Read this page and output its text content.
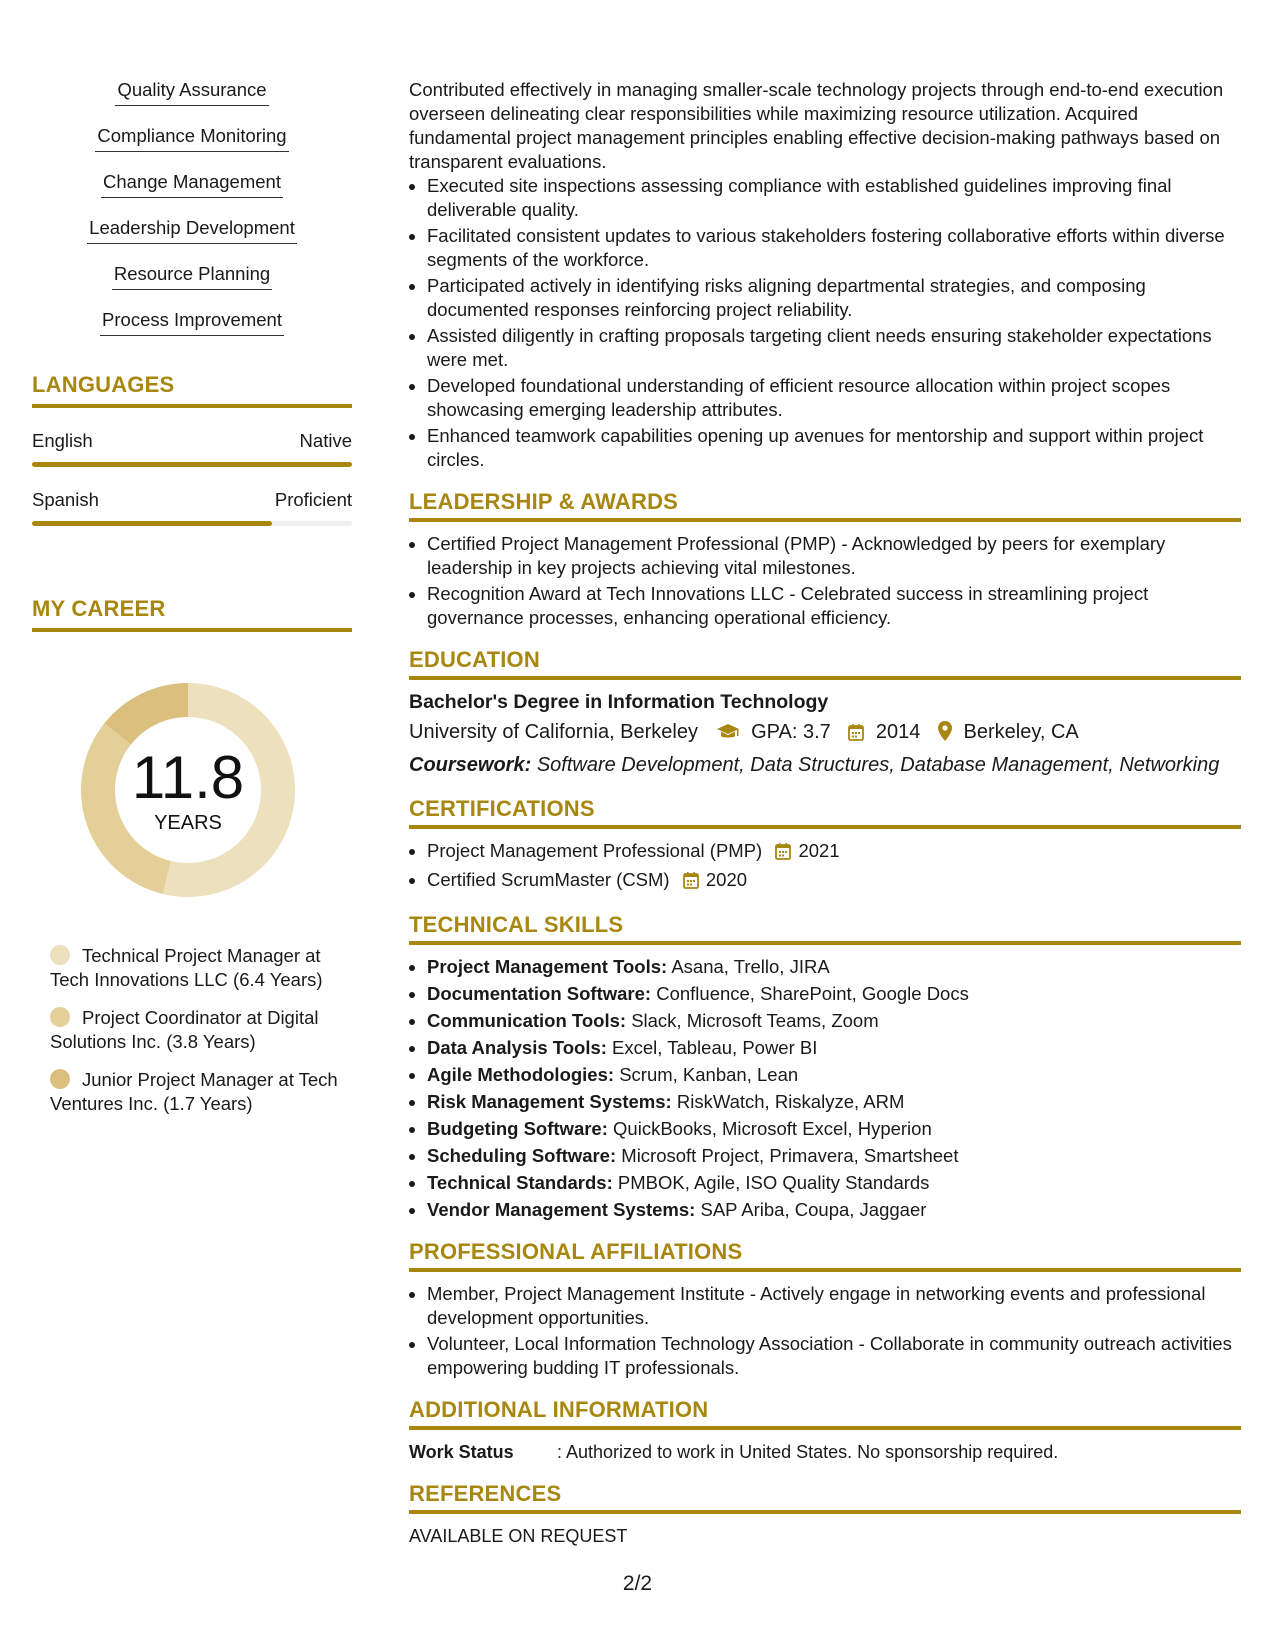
Quality Assurance
Compliance Monitoring
Change Management
Leadership Development
Resource Planning
Process Improvement
LANGUAGES
English	Native
Spanish	Proficient
MY CAREER
11.8
YEARS
Technical Project Manager at Tech Innovations LLC (6.4 Years)
Project Coordinator at Digital Solutions Inc. (3.8 Years)
Junior Project Manager at Tech Ventures Inc. (1.7 Years)

Contributed effectively in managing smaller-scale technology projects through end-to-end execution overseen delineating clear responsibilities while maximizing resource utilization. Acquired fundamental project management principles enabling effective decision-making pathways based on transparent evaluations.

• Executed site inspections assessing compliance with established guidelines improving final deliverable quality.
• Facilitated consistent updates to various stakeholders fostering collaborative efforts within diverse segments of the workforce.
• Participated actively in identifying risks aligning departmental strategies, and composing documented responses reinforcing project reliability.
• Assisted diligently in crafting proposals targeting client needs ensuring stakeholder expectations were met.
• Developed foundational understanding of efficient resource allocation within project scopes showcasing emerging leadership attributes.
• Enhanced teamwork capabilities opening up avenues for mentorship and support within project circles.
LEADERSHIP & AWARDS
• Certified Project Management Professional (PMP) - Acknowledged by peers for exemplary leadership in key projects achieving vital milestones.
• Recognition Award at Tech Innovations LLC - Celebrated success in streamlining project governance processes, enhancing operational efficiency.
EDUCATION
Bachelor's Degree in Information Technology
University of California, Berkeley	GPA: 3.7 2014 Berkeley, CA
Coursework: Software Development, Data Structures, Database Management, Networking
CERTIFICATIONS
• Project Management Professional (PMP) 2021
• Certified ScrumMaster (CSM) 2020
TECHNICAL SKILLS
• Project Management Tools: Asana, Trello, JIRA
• Documentation Software: Confluence, SharePoint, Google Docs
• Communication Tools: Slack, Microsoft Teams, Zoom
• Data Analysis Tools: Excel, Tableau, Power BI
• Agile Methodologies: Scrum, Kanban, Lean
• Risk Management Systems: RiskWatch, Riskalyze, ARM
• Budgeting Software: QuickBooks, Microsoft Excel, Hyperion
• Scheduling Software: Microsoft Project, Primavera, Smartsheet
• Technical Standards: PMBOK, Agile, ISO Quality Standards
• Vendor Management Systems: SAP Ariba, Coupa, Jaggaer
PROFESSIONAL AFFILIATIONS
• Member, Project Management Institute - Actively engage in networking events and professional development opportunities.
• Volunteer, Local Information Technology Association - Collaborate in community outreach activities empowering budding IT professionals.
ADDITIONAL INFORMATION
Work Status	: Authorized to work in United States. No sponsorship required.
REFERENCES
AVAILABLE ON REQUEST
2/2
